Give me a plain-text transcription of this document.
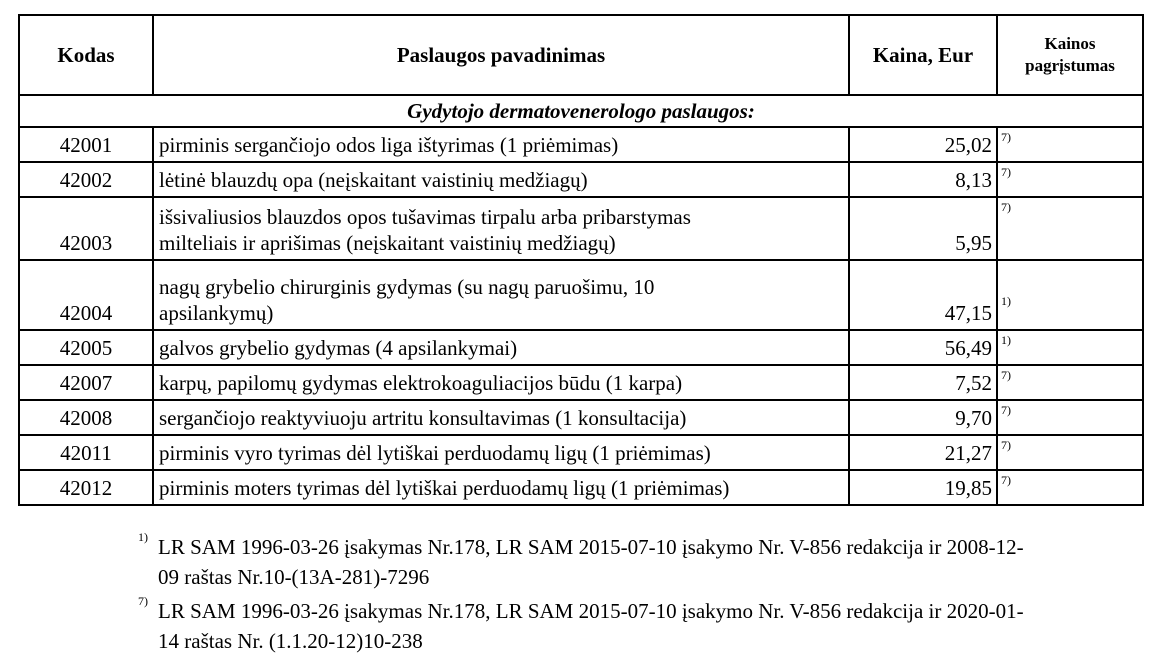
Kodas	Paslaugos pavadinimas	Kaina, Eur	Kainos
pagrįstumas

Gydytojo dermatovenerologo paslaugos:			
42001	pirminis sergančiojo odos liga ištyrimas (1 priėmimas)	25,02	$^{7)}$
42002	lėtinė blauzdų opa (neįskaitant vaistinių medžiagų)	8,13	$^{7)}$
42003	išsivaliusios blauzdos opos tušavimas tirpalu arba pribarstymas
milteliais ir aprišimas (neįskaitant vaistinių medžiagų)	5,95	$^{7)}$
42004	nagų grybelio chirurginis gydymas (su nagų paruošimu, 10
apsilankymų)	47,15	$^{1)}$
42005	galvos grybelio gydymas (4 apsilankymai)	56,49	$^{1)}$
42007	karpų, papilomų gydymas elektrokoaguliacijos būdu (1 karpa)	7,52	$^{7)}$
42008	sergančiojo reaktyviuoju artritu konsultavimas (1 konsultacija)	9,70	$^{7)}$
42011	pirminis vyro tyrimas dėl lytiškai perduodamų ligų (1 priėmimas)	21,27	$^{7)}$
42012	pirminis moters tyrimas dėl lytiškai perduodamų ligų (1 priėmimas)	19,85	$^{7)}$
1) LR SAM 1996-03-26 įsakymas Nr.178, LR SAM 2015-07-10 įsakymo Nr. V-856 redakcija ir 2008-12-
09 raštas Nr.10-(13A-281)-7296
7) LR SAM 1996-03-26 įsakymas Nr.178, LR SAM 2015-07-10 įsakymo Nr. V-856 redakcija ir 2020-01-
14 raštas Nr. (1.1.20-12)10-238
